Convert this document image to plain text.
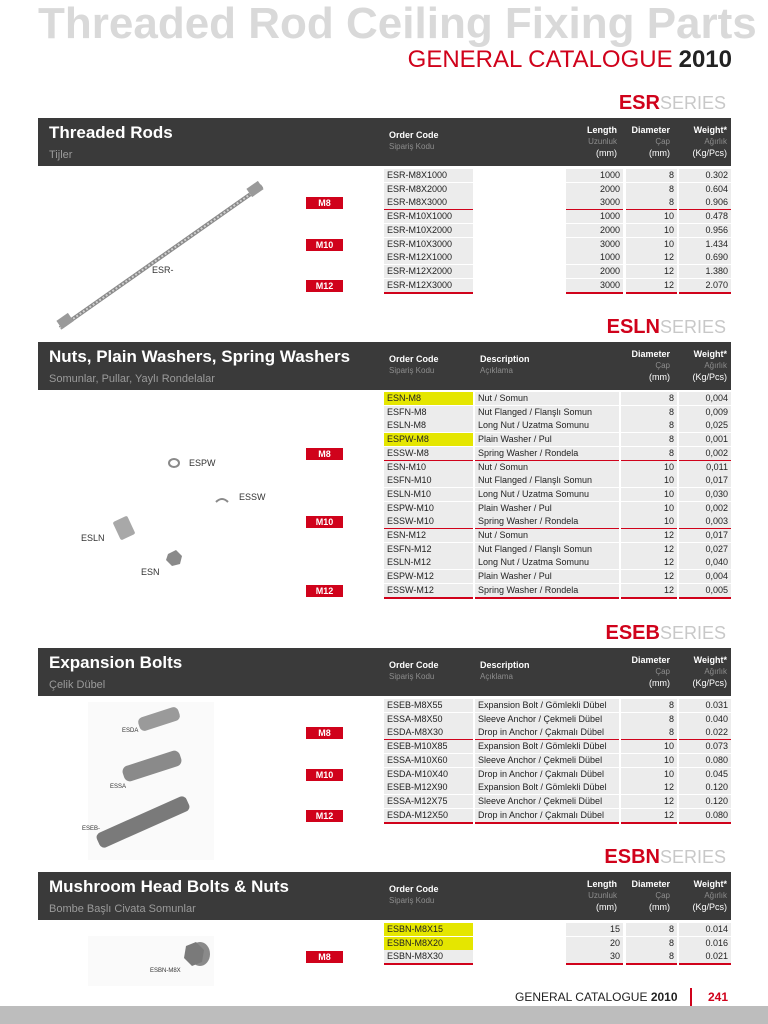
Threaded Rod Ceiling Fixing Parts
GENERAL CATALOGUE 2010
ESRSERIES
Threaded Rods
Tijler
Order Code
Sipariş Kodu
Length
Uzunluk
(mm)
Diameter
Çap
(mm)
Weight*
Ağırlık
(Kg/Pcs)
ESR-M8X1000	1000	8	0.302
ESR-M8X2000	2000	8	0.604
ESR-M8X3000	3000	8	0.906
M8
ESR-M10X1000	1000	10	0.478
ESR-M10X2000	2000	10	0.956
ESR-M10X3000	3000	10	1.434
M10
ESR-M12X1000	1000	12	0.690
ESR-M12X2000	2000	12	1.380
ESR-M12X3000	3000	12	2.070
M12
ESR-
ESLNSERIES
Nuts, Plain Washers, Spring Washers
Somunlar, Pullar, Yaylı Rondelalar
Order Code
Sipariş Kodu
Description
Açıklama
Diameter
Çap
(mm)
Weight*
Ağırlık
(Kg/Pcs)
ESN-M8	Nut / Somun	8	0,004
ESFN-M8	Nut Flanged / Flanşlı Somun	8	0,009
ESLN-M8	Long Nut / Uzatma Somunu	8	0,025
ESPW-M8	Plain Washer / Pul	8	0,001
ESSW-M8	Spring Washer / Rondela	8	0,002
M8
ESN-M10	Nut / Somun	10	0,011
ESFN-M10	Nut Flanged / Flanşlı Somun	10	0,017
ESLN-M10	Long Nut / Uzatma Somunu	10	0,030
ESPW-M10	Plain Washer / Pul	10	0,002
ESSW-M10	Spring Washer / Rondela	10	0,003
M10
ESN-M12	Nut / Somun	12	0,017
ESFN-M12	Nut Flanged / Flanşlı Somun	12	0,027
ESLN-M12	Long Nut / Uzatma Somunu	12	0,040
ESPW-M12	Plain Washer / Pul	12	0,004
ESSW-M12	Spring Washer / Rondela	12	0,005
M12
ESPW
ESSW
ESLN
ESN
ESEBSERIES
Expansion Bolts
Çelik Dübel
Order Code
Sipariş Kodu
Description
Açıklama
Diameter
Çap
(mm)
Weight*
Ağırlık
(Kg/Pcs)
ESEB-M8X55	Expansion Bolt / Gömlekli Dübel	8	0.031
ESSA-M8X50	Sleeve Anchor / Çekmeli Dübel	8	0.040
ESDA-M8X30	Drop in Anchor / Çakmalı Dübel	8	0.022
M8
ESEB-M10X85	Expansion Bolt / Gömlekli Dübel	10	0.073
ESSA-M10X60	Sleeve Anchor / Çekmeli Dübel	10	0.080
ESDA-M10X40	Drop in Anchor / Çakmalı Dübel	10	0.045
M10
ESEB-M12X90	Expansion Bolt / Gömlekli Dübel	12	0.120
ESSA-M12X75	Sleeve Anchor / Çekmeli Dübel	12	0.120
ESDA-M12X50	Drop in Anchor / Çakmalı Dübel	12	0.080
M12
ESDA
ESSA
ESEB-
ESBNSERIES
Mushroom Head Bolts & Nuts
Bombe Başlı Civata Somunlar
Order Code
Sipariş Kodu
Length
Uzunluk
(mm)
Diameter
Çap
(mm)
Weight*
Ağırlık
(Kg/Pcs)
ESBN-M8X15	15	8	0.014
ESBN-M8X20	20	8	0.016
ESBN-M8X30	30	8	0.021
M8
ESBN-M8X
GENERAL CATALOGUE 2010	241
